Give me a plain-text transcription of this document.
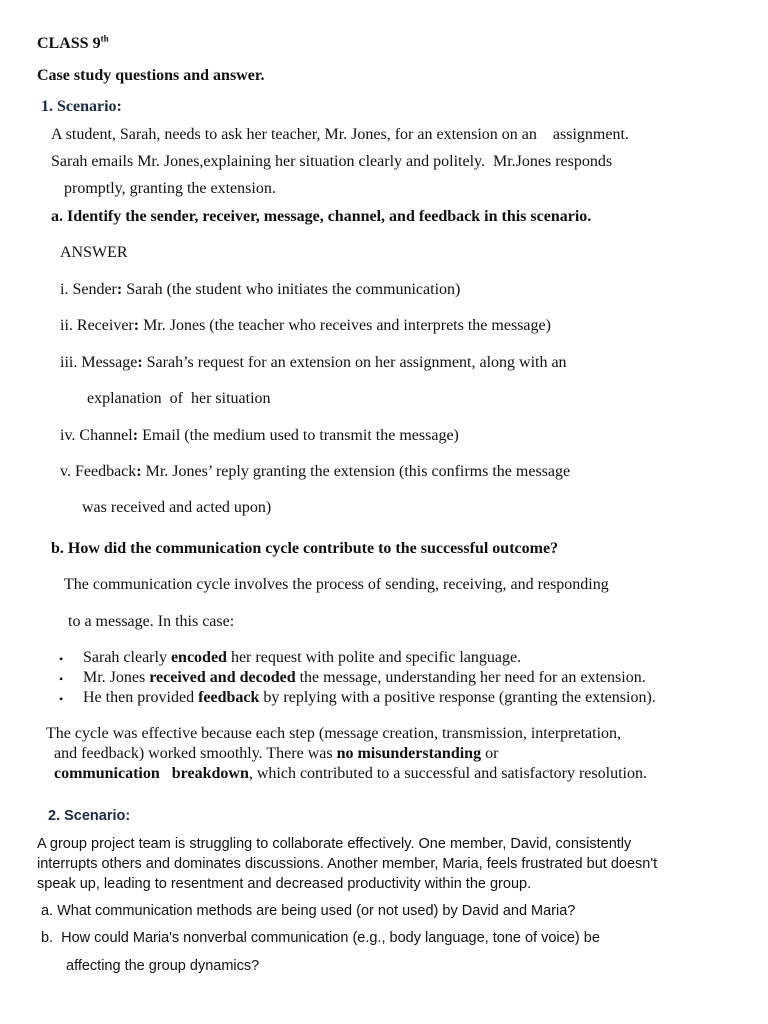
CLASS 9th
Case study questions and answer.
1. Scenario:
A student, Sarah, needs to ask her teacher, Mr. Jones, for an extension on an    assignment.
Sarah emails Mr. Jones,explaining her situation clearly and politely.  Mr.Jones responds
promptly, granting the extension.
a. Identify the sender, receiver, message, channel, and feedback in this scenario.
ANSWER
i. Sender: Sarah (the student who initiates the communication)
ii. Receiver: Mr. Jones (the teacher who receives and interprets the message)
iii. Message: Sarah’s request for an extension on her assignment, along with an
explanation  of  her situation
iv. Channel: Email (the medium used to transmit the message)
v. Feedback: Mr. Jones’ reply granting the extension (this confirms the message
was received and acted upon)
b. How did the communication cycle contribute to the successful outcome?
The communication cycle involves the process of sending, receiving, and responding
to a message. In this case:
• Sarah clearly encoded her request with polite and specific language.
• Mr. Jones received and decoded the message, understanding her need for an extension.
• He then provided feedback by replying with a positive response (granting the extension).
The cycle was effective because each step (message creation, transmission, interpretation,
and feedback) worked smoothly. There was no misunderstanding or
communication   breakdown, which contributed to a successful and satisfactory resolution.
2. Scenario:
A group project team is struggling to collaborate effectively. One member, David, consistently
interrupts others and dominates discussions. Another member, Maria, feels frustrated but doesn't
speak up, leading to resentment and decreased productivity within the group.
a. What communication methods are being used (or not used) by David and Maria?
b.  How could Maria's nonverbal communication (e.g., body language, tone of voice) be
affecting the group dynamics?
